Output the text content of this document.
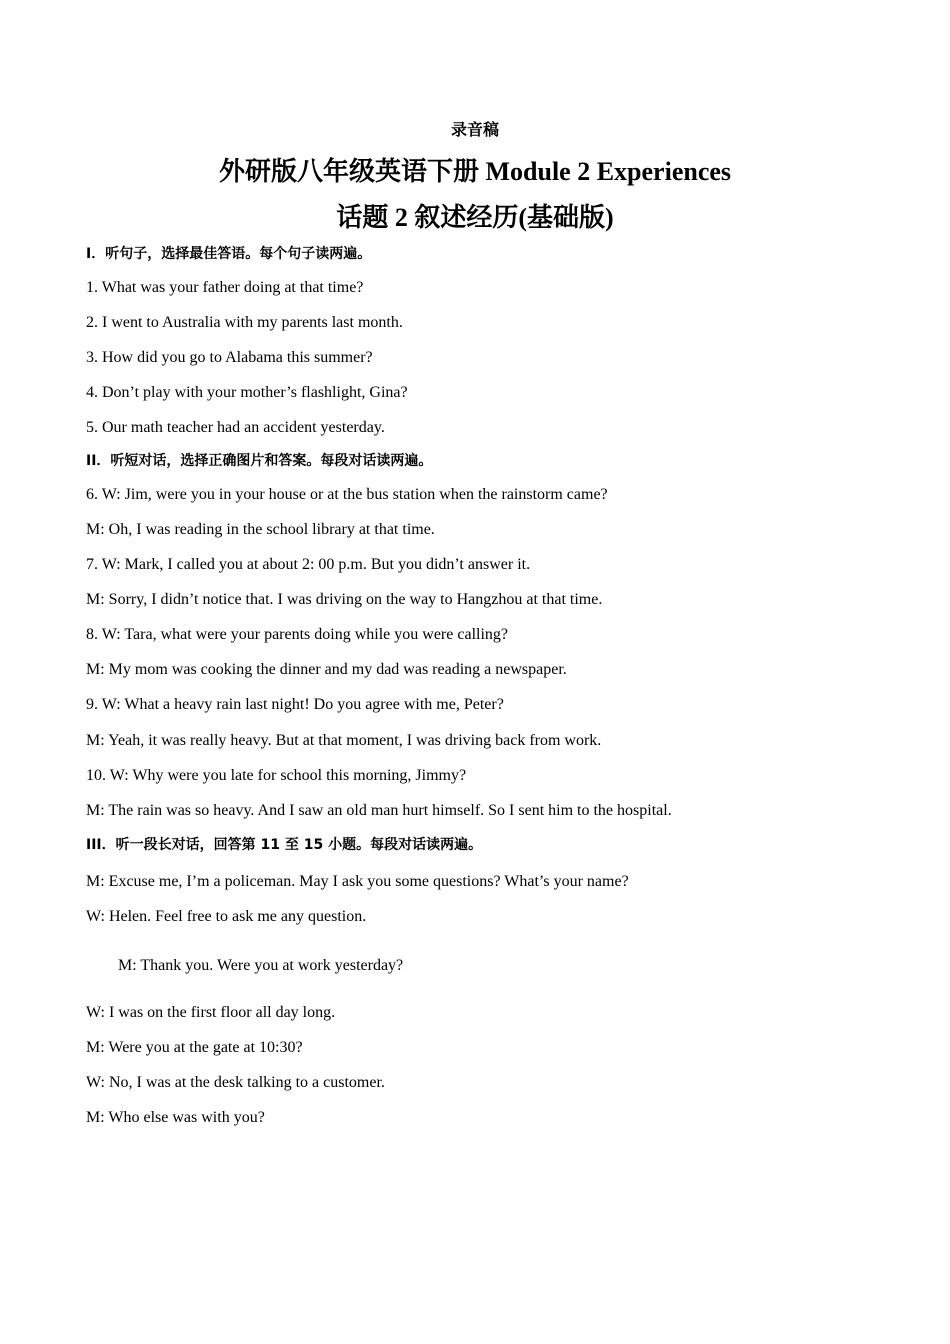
录音稿
外研版八年级英语下册 Module 2 Experiences
话题 2 叙述经历(基础版)
I．听句子，选择最佳答语。每个句子读两遍。
1. What was your father doing at that time?
2. I went to Australia with my parents last month.
3. How did you go to Alabama this summer?
4. Don’t play with your mother’s flashlight, Gina?
5. Our math teacher had an accident yesterday.
II．听短对话，选择正确图片和答案。每段对话读两遍。
6. W: Jim, were you in your house or at the bus station when the rainstorm came?
M: Oh, I was reading in the school library at that time.
7. W: Mark, I called you at about 2: 00 p.m. But you didn’t answer it.
M: Sorry, I didn’t notice that. I was driving on the way to Hangzhou at that time.
8. W: Tara, what were your parents doing while you were calling?
M: My mom was cooking the dinner and my dad was reading a newspaper.
9. W: What a heavy rain last night! Do you agree with me, Peter?
M: Yeah, it was really heavy. But at that moment, I was driving back from work.
10. W: Why were you late for school this morning, Jimmy?
M: The rain was so heavy. And I saw an old man hurt himself. So I sent him to the hospital.
III．听一段长对话，回答第 11 至 15 小题。每段对话读两遍。
M: Excuse me, I’m a policeman. May I ask you some questions? What’s your name?
W: Helen. Feel free to ask me any question.
M: Thank you. Were you at work yesterday?
W: I was on the first floor all day long.
M: Were you at the gate at 10:30?
W: No, I was at the desk talking to a customer.
M: Who else was with you?
